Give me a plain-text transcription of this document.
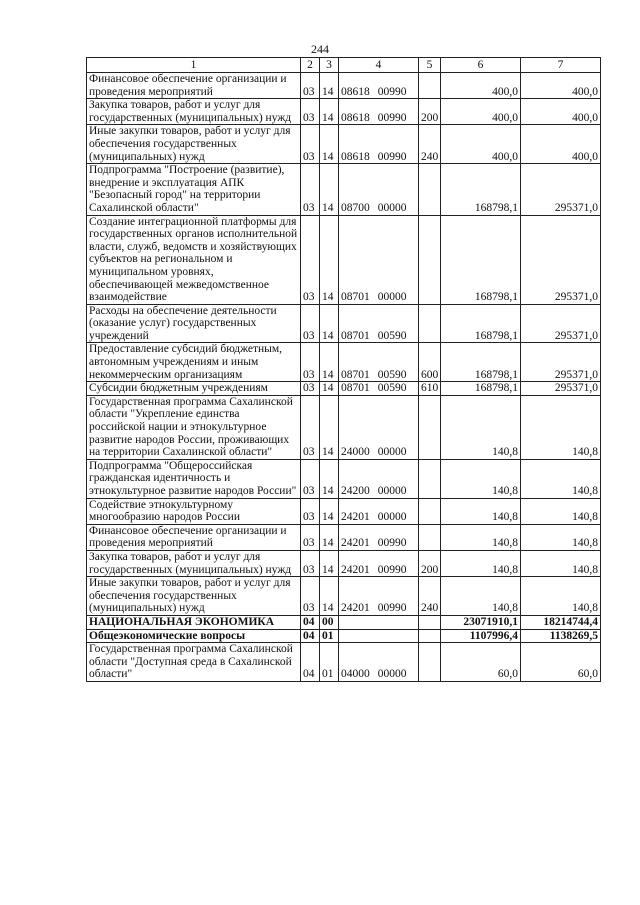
244
1	2	3	4	5	6	7
Финансовое обеспечение организации и проведения мероприятий	03	14	08618 00990		400,0	400,0
Закупка товаров, работ и услуг для государственных (муниципальных) нужд	03	14	08618 00990	200	400,0	400,0
Иные закупки товаров, работ и услуг для обеспечения государственных (муниципальных) нужд	03	14	08618 00990	240	400,0	400,0
Подпрограмма "Построение (развитие), внедрение и эксплуатация АПК "Безопасный город" на территории Сахалинской области"	03	14	08700 00000		168798,1	295371,0
Создание интеграционной платформы для государственных органов исполнительной власти, служб, ведомств и хозяйствующих субъектов на региональном и муниципальном уровнях, обеспечивающей межведомственное взаимодействие	03	14	08701 00000		168798,1	295371,0
Расходы на обеспечение деятельности (оказание услуг) государственных учреждений	03	14	08701 00590		168798,1	295371,0
Предоставление субсидий бюджетным, автономным учреждениям и иным некоммерческим организациям	03	14	08701 00590	600	168798,1	295371,0
Субсидии бюджетным учреждениям	03	14	08701 00590	610	168798,1	295371,0
Государственная программа Сахалинской области "Укрепление единства российской нации и этнокультурное развитие народов России, проживающих на территории Сахалинской области"	03	14	24000 00000		140,8	140,8
Подпрограмма "Общероссийская гражданская идентичность и этнокультурное развитие народов России"	03	14	24200 00000		140,8	140,8
Содействие этнокультурному многообразию народов России	03	14	24201 00000		140,8	140,8
Финансовое обеспечение организации и проведения мероприятий	03	14	24201 00990		140,8	140,8
Закупка товаров, работ и услуг для государственных (муниципальных) нужд	03	14	24201 00990	200	140,8	140,8
Иные закупки товаров, работ и услуг для обеспечения государственных (муниципальных) нужд	03	14	24201 00990	240	140,8	140,8
НАЦИОНАЛЬНАЯ ЭКОНОМИКА	04	00			23071910,1	18214744,4
Общеэкономические вопросы	04	01			1107996,4	1138269,5
Государственная программа Сахалинской области "Доступная среда в Сахалинской области"	04	01	04000 00000		60,0	60,0
